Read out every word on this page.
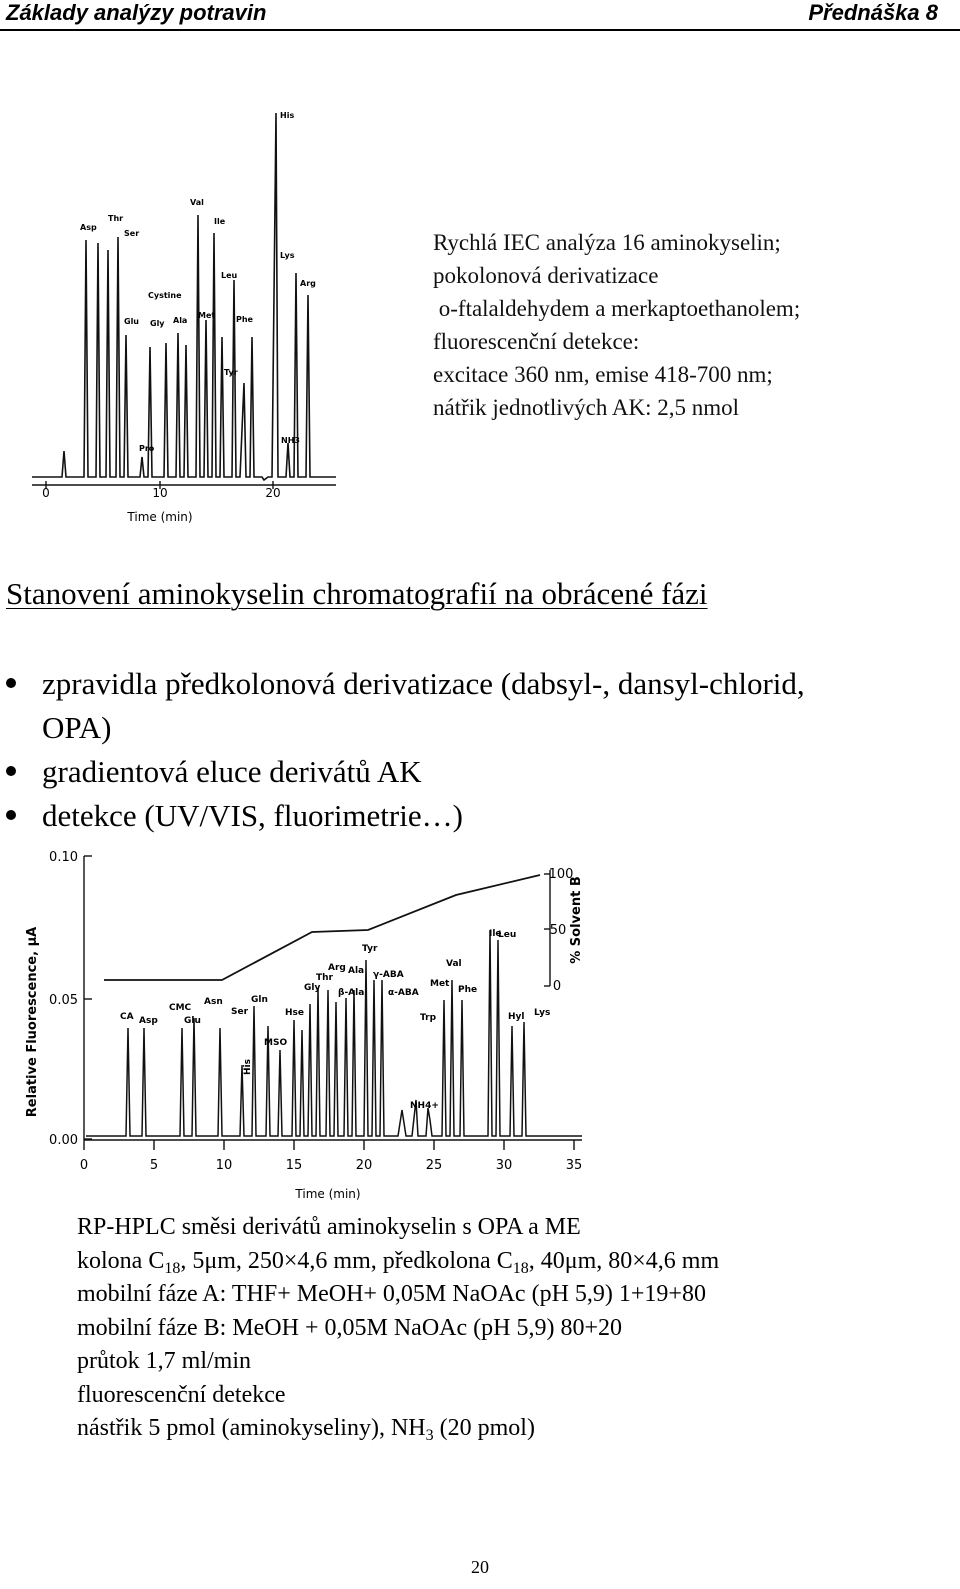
Základy analýzy potravin	Přednáška 8
0	10	20
Time (min)
Asp
Thr
Ser
Glu
Cystine
Gly Ala
Val
Ile
Met
Leu
Tyr
Phe
His
Lys
Arg
NH3
Pro
Rychlá IEC analýza 16 aminokyselin;
pokolonová derivatizace
o-ftalaldehydem a merkaptoethanolem;
fluorescenční detekce:
excitace 360 nm, emise 418-700 nm;
nátřik jednotlivých AK: 2,5 nmol
Stanovení aminokyselin chromatografií na obrácené fázi
zpravidla předkolonová derivatizace (dabsyl-, dansyl-chlorid,
OPA)
gradientová eluce derivátů AK
detekce (UV/VIS, fluorimetrie…)
Relative Fluorescence, μA
% Solvent B
0.10
0.05
0.00
100
50
0
0	5	10	15	20	25	30	35
Time (min)
CA Asp
CMC
Glu
Asn
Ser
Gln
His
Hse
MSO
Gly
Thr
Arg Ala
β-Ala
Tyr
γ-ABA
α-ABA
Met
Trp
NH4+
Val
Phe
Ile
Leu
Hyl Lys
RP-HPLC směsi derivátů aminokyselin s OPA a ME
kolona $C_{18}$, 5μm, 250×4,6 mm, předkolona $C_{18}$, 40μm, 80×4,6 mm
mobilní fáze A: THF+ MeOH+ 0,05M NaOAc (pH 5,9) 1+19+80
mobilní fáze B: MeOH + 0,05M NaOAc (pH 5,9) 80+20
průtok 1,7 ml/min
fluorescenční detekce
nástřik 5 pmol (aminokyseliny), $NH_3$ (20 pmol)
20
